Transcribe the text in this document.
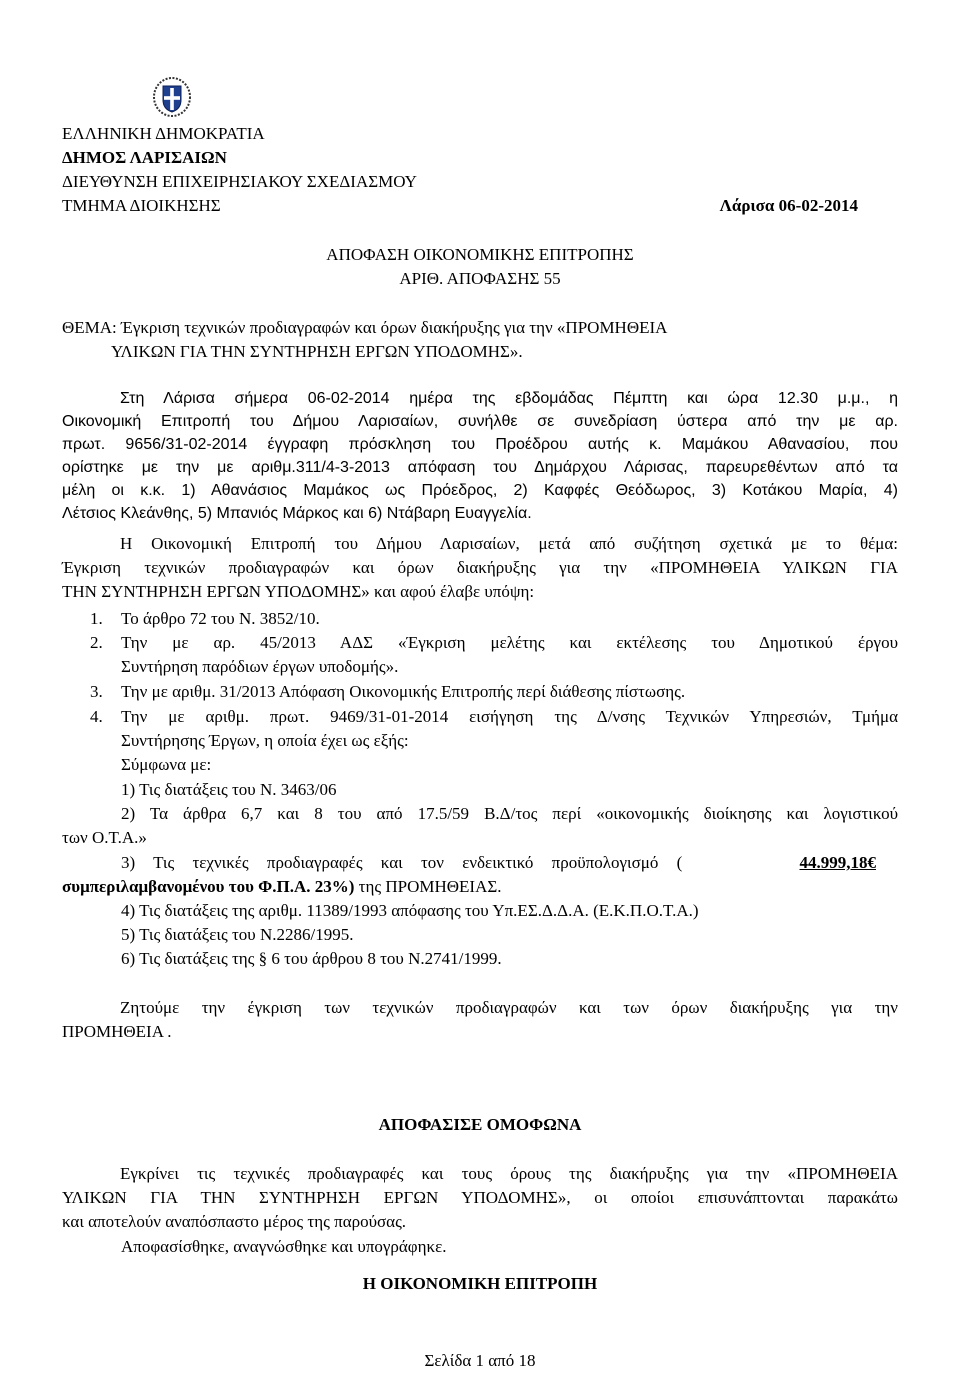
ΕΛΛΗΝΙΚΗ ΔΗΜΟΚΡΑΤΙΑ
ΔΗΜΟΣ ΛΑΡΙΣΑΙΩΝ
ΔΙΕΥΘΥΝΣΗ ΕΠΙΧΕΙΡΗΣΙΑΚΟΥ ΣΧΕΔΙΑΣΜΟΥ
ΤΜΗΜΑ ΔΙΟΙΚΗΣΗΣ	Λάρισα 06-02-2014
ΑΠΟΦΑΣΗ ΟΙΚΟΝΟΜΙΚΗΣ ΕΠΙΤΡΟΠΗΣ
ΑΡΙΘ. ΑΠΟΦΑΣΗΣ 55
ΘΕΜΑ: Έγκριση τεχνικών προδιαγραφών και όρων διακήρυξης για την «ΠΡΟΜΗΘΕΙΑ
ΥΛΙΚΩΝ ΓΙΑ ΤΗΝ ΣΥΝΤΗΡΗΣΗ ΕΡΓΩΝ ΥΠΟΔΟΜΗΣ».
Στη Λάρισα σήμερα 06-02-2014 ημέρα της εβδομάδας Πέμπτη και ώρα 12.30 μ.μ., η
Οικονομική Επιτροπή του Δήμου Λαρισαίων, συνήλθε σε συνεδρίαση ύστερα από την με αρ.
πρωτ. 9656/31-02-2014 έγγραφη πρόσκληση του Προέδρου αυτής κ. Μαμάκου Αθανασίου, που
ορίστηκε με την με αριθμ.311/4-3-2013 απόφαση του Δημάρχου Λάρισας, παρευρεθέντων από τα
μέλη οι κ.κ. 1) Αθανάσιος Μαμάκος ως Πρόεδρος, 2) Καφφές Θεόδωρος, 3) Κοτάκου Μαρία, 4)
Λέτσιος Κλεάνθης, 5) Μπανιός Μάρκος και 6) Ντάβαρη Ευαγγελία.
Η Οικονομική Επιτροπή του Δήμου Λαρισαίων, μετά από συζήτηση σχετικά με το θέμα:
Έγκριση τεχνικών προδιαγραφών και όρων διακήρυξης για την «ΠΡΟΜΗΘΕΙΑ ΥΛΙΚΩΝ ΓΙΑ
ΤΗΝ ΣΥΝΤΗΡΗΣΗ ΕΡΓΩΝ ΥΠΟΔΟΜΗΣ» και αφού έλαβε υπόψη:
1. Το άρθρο 72 του Ν. 3852/10.
2. Την με αρ. 45/2013 ΑΔΣ «Έγκριση μελέτης και εκτέλεσης του Δημοτικού έργου
Συντήρηση παρόδιων έργων υποδομής».
3. Την με αριθμ. 31/2013 Απόφαση Οικονομικής Επιτροπής περί διάθεσης πίστωσης.
4. Την με αριθμ. πρωτ. 9469/31-01-2014 εισήγηση της Δ/νσης Τεχνικών Υπηρεσιών, Τμήμα
Συντήρησης Έργων, η οποία έχει ως εξής:
Σύμφωνα με:
1) Τις διατάξεις του Ν. 3463/06
2) Τα άρθρα 6,7 και 8 του από 17.5/59 Β.Δ/τος περί «οικονομικής διοίκησης και λογιστικού
των Ο.Τ.Α.»
3) Τις τεχνικές προδιαγραφές και τον ενδεικτικό προϋπολογισμό (	44.999,18€
συμπεριλαμβανομένου του Φ.Π.Α. 23%) της ΠΡΟΜΗΘΕΙΑΣ.
4) Τις διατάξεις της αριθμ. 11389/1993 απόφασης του Υπ.ΕΣ.Δ.Δ.Α. (Ε.Κ.Π.Ο.Τ.Α.)
5) Τις διατάξεις του Ν.2286/1995.
6) Τις διατάξεις της § 6 του άρθρου 8 του Ν.2741/1999.
Ζητούμε την έγκριση των τεχνικών προδιαγραφών και των όρων διακήρυξης για την
ΠΡΟΜΗΘΕΙΑ .
ΑΠΟΦΑΣΙΣΕ ΟΜΟΦΩΝΑ
Εγκρίνει τις τεχνικές προδιαγραφές και τους όρους της διακήρυξης για την «ΠΡΟΜΗΘΕΙΑ
ΥΛΙΚΩΝ ΓΙΑ ΤΗΝ ΣΥΝΤΗΡΗΣΗ ΕΡΓΩΝ ΥΠΟΔΟΜΗΣ», οι οποίοι επισυνάπτονται παρακάτω
και αποτελούν αναπόσπαστο μέρος της παρούσας.
Αποφασίσθηκε, αναγνώσθηκε και υπογράφηκε.
Η ΟΙΚΟΝΟΜΙΚΗ ΕΠΙΤΡΟΠΗ
Σελίδα 1 από 18
